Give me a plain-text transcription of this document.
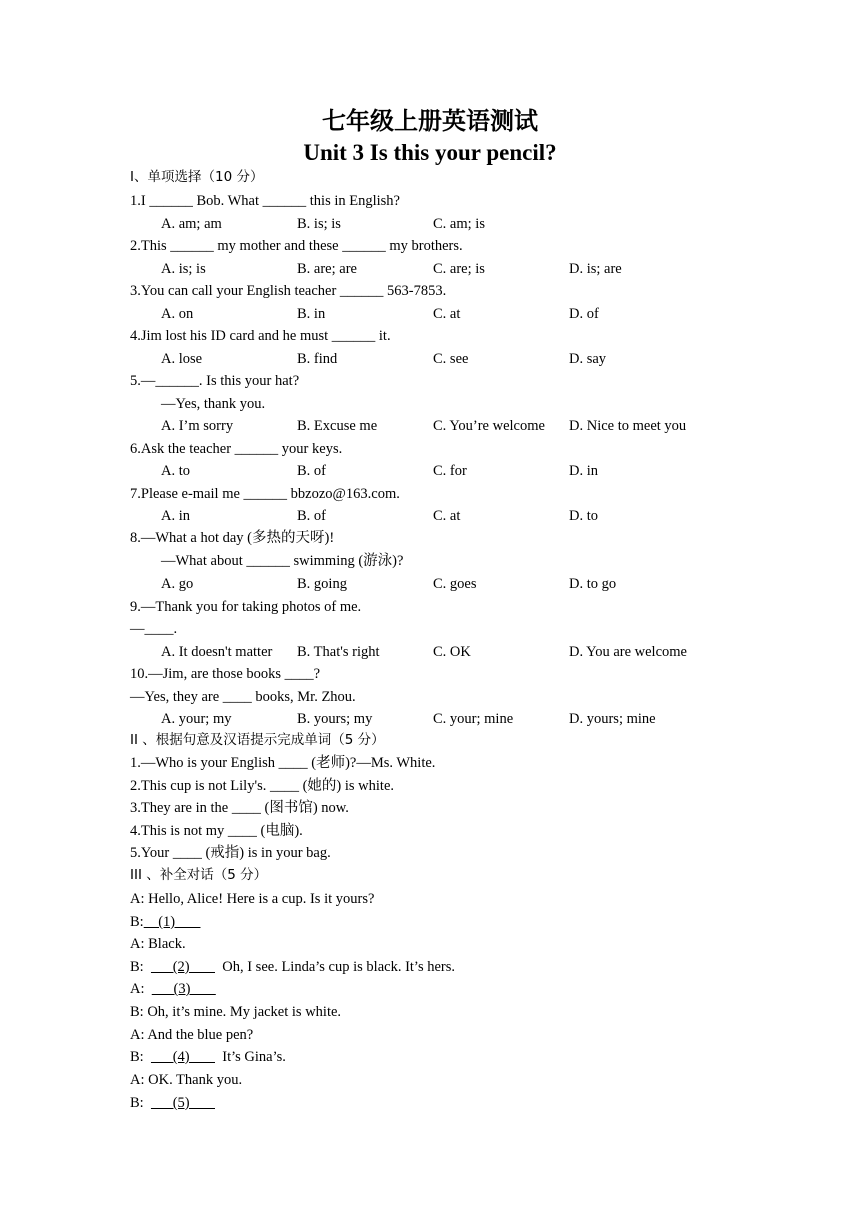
七年级上册英语测试
Unit 3 Is this your pencil?
I、单项选择（10 分）
1.I ______ Bob. What ______ this in English?
A. am; am	B. is; is	C. am; is
2.This ______ my mother and these ______ my brothers.
A. is; is	B. are; are	C. are; is	D. is; are
3.You can call your English teacher ______ 563-7853.
A. on	B. in	C. at	D. of
4.Jim lost his ID card and he must ______ it.
A. lose	B. find	C. see	D. say
5.—______. Is this your hat?
—Yes, thank you.
A. I’m sorry	B. Excuse me	C. You’re welcome D. Nice to meet you
6.Ask the teacher ______ your keys.
A. to	B. of	C. for	D. in
7.Please e-mail me ______ bbzozo@163.com.
A. in	B. of	C. at	D. to
8.—What a hot day (多热的天呀)!
—What about ______ swimming (游泳)?
A. go	B. going	C. goes	D. to go
9.—Thank you for taking photos of me.
—____.
A. It doesn't matter B. That's right	C. OK	D. You are welcome
10.—Jim, are those books ____?
—Yes, they are ____ books, Mr. Zhou.
A. your; my	B. yours; my	C. your; mine	D. yours; mine
II 、根据句意及汉语提示完成单词（5 分）
1.—Who is your English ____ (老师)?—Ms. White.
2.This cup is not Lily's. ____ (她的) is white.
3.They are in the ____ (图书馆) now.
4.This is not my ____ (电脑).
5.Your ____ (戒指) is in your bag.
III 、补全对话（5 分）
A: Hello, Alice! Here is a cup. Is it yours?
B:    (1)
A: Black.
B:        (2)         Oh, I see. Linda’s cup is black. It’s hers.
A:        (3)
B: Oh, it’s mine. My jacket is white.
A: And the blue pen?
B:        (4)         It’s Gina’s.
A: OK. Thank you.
B:        (5)
